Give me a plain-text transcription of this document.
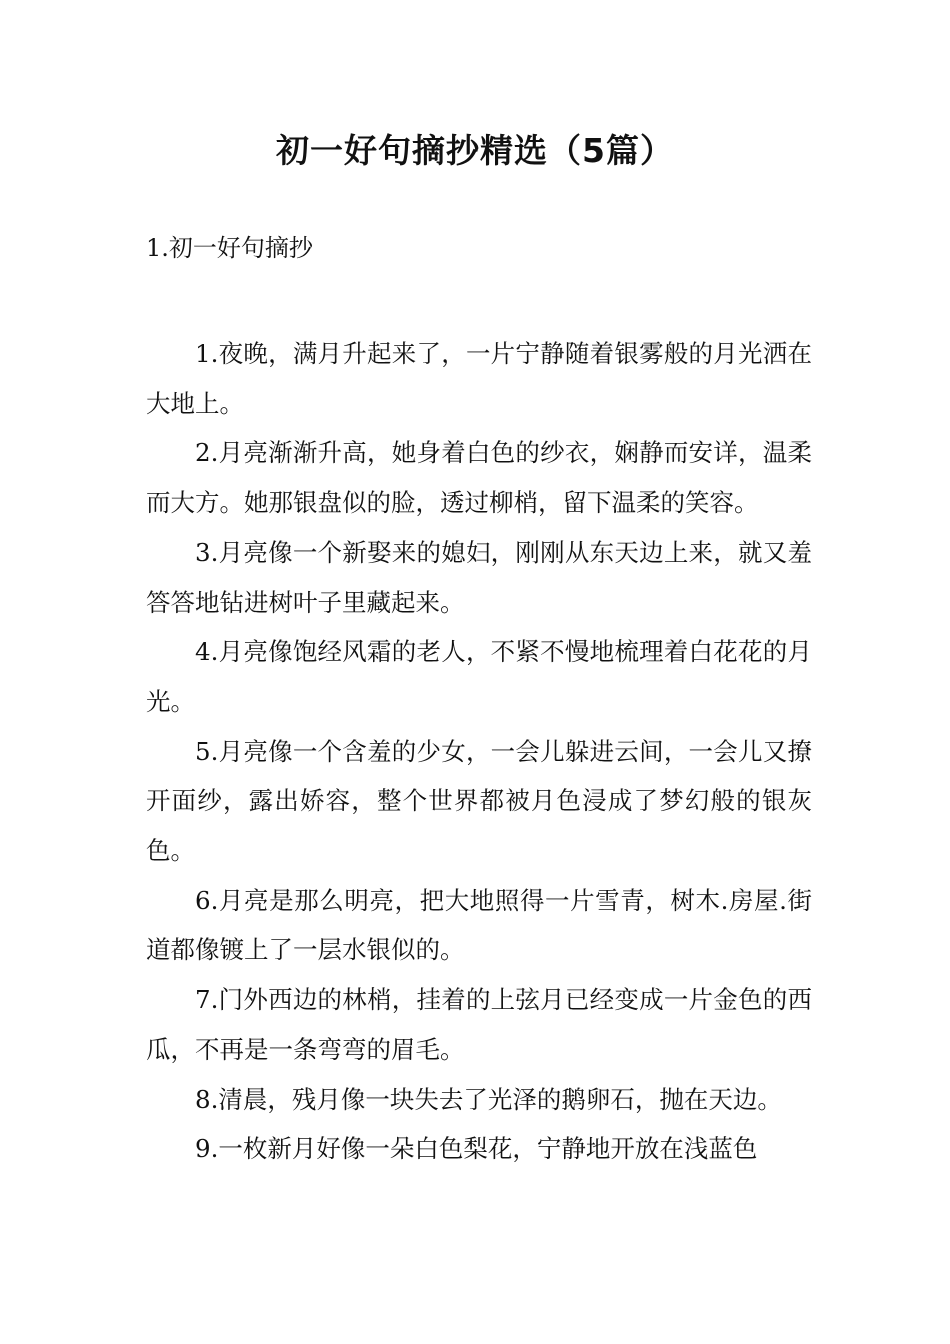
初一好句摘抄精选（5篇）
1.初一好句摘抄

1.夜晚，满月升起来了，一片宁静随着银雾般的月光洒在大地上。

2.月亮渐渐升高，她身着白色的纱衣，娴静而安详，温柔而大方。她那银盘似的脸，透过柳梢，留下温柔的笑容。

3.月亮像一个新娶来的媳妇，刚刚从东天边上来，就又羞答答地钻进树叶子里藏起来。

4.月亮像饱经风霜的老人，不紧不慢地梳理着白花花的月光。

5.月亮像一个含羞的少女，一会儿躲进云间，一会儿又撩开面纱，露出娇容，整个世界都被月色浸成了梦幻般的银灰色。

6.月亮是那么明亮，把大地照得一片雪青，树木.房屋.街道都像镀上了一层水银似的。

7.门外西边的林梢，挂着的上弦月已经变成一片金色的西瓜，不再是一条弯弯的眉毛。

8.清晨，残月像一块失去了光泽的鹅卵石，抛在天边。

9.一枚新月好像一朵白色梨花，宁静地开放在浅蓝色
